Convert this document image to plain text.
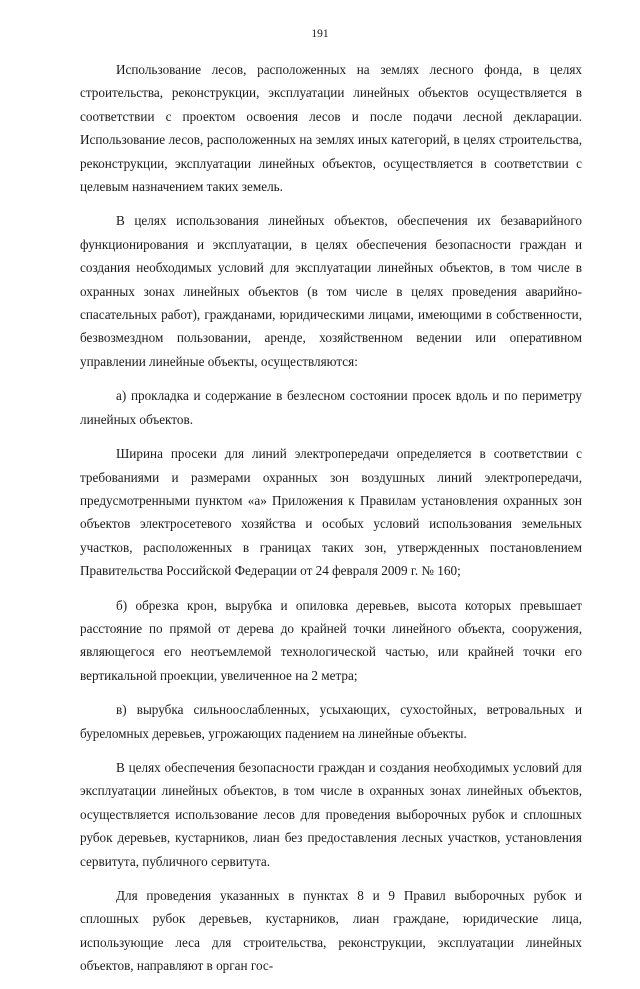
191

Использование лесов, расположенных на землях лесного фонда, в целях строительства, реконструкции, эксплуатации линейных объектов осуществляется в соответствии с проектом освоения лесов и после подачи лесной декларации. Использование лесов, расположенных на землях иных категорий, в целях строительства, реконструкции, эксплуатации линейных объектов, осуществляется в соответствии с целевым назначением таких земель.

В целях использования линейных объектов, обеспечения их безаварийного функционирования и эксплуатации, в целях обеспечения безопасности граждан и создания необходимых условий для эксплуатации линейных объектов, в том числе в охранных зонах линейных объектов (в том числе в целях проведения аварийно-спасательных работ), гражданами, юридическими лицами, имеющими в собственности, безвозмездном пользовании, аренде, хозяйственном ведении или оперативном управлении линейные объекты, осуществляются:

а) прокладка и содержание в безлесном состоянии просек вдоль и по периметру линейных объектов.

Ширина просеки для линий электропередачи определяется в соответствии с требованиями и размерами охранных зон воздушных линий электропередачи, предусмотренными пунктом «а» Приложения к Правилам установления охранных зон объектов электросетевого хозяйства и особых условий использования земельных участков, расположенных в границах таких зон, утвержденных постановлением Правительства Российской Федерации от 24 февраля 2009 г. № 160;

б) обрезка крон, вырубка и опиловка деревьев, высота которых превышает расстояние по прямой от дерева до крайней точки линейного объекта, сооружения, являющегося его неотъемлемой технологической частью, или крайней точки его вертикальной проекции, увеличенное на 2 метра;

в) вырубка сильноослабленных, усыхающих, сухостойных, ветровальных и буреломных деревьев, угрожающих падением на линейные объекты.

В целях обеспечения безопасности граждан и создания необходимых условий для эксплуатации линейных объектов, в том числе в охранных зонах линейных объектов, осуществляется использование лесов для проведения выборочных рубок и сплошных рубок деревьев, кустарников, лиан без предоставления лесных участков, установления сервитута, публичного сервитута.

Для проведения указанных в пунктах 8 и 9 Правил выборочных рубок и сплошных рубок деревьев, кустарников, лиан граждане, юридические лица, использующие леса для строительства, реконструкции, эксплуатации линейных объектов, направляют в орган гос-
